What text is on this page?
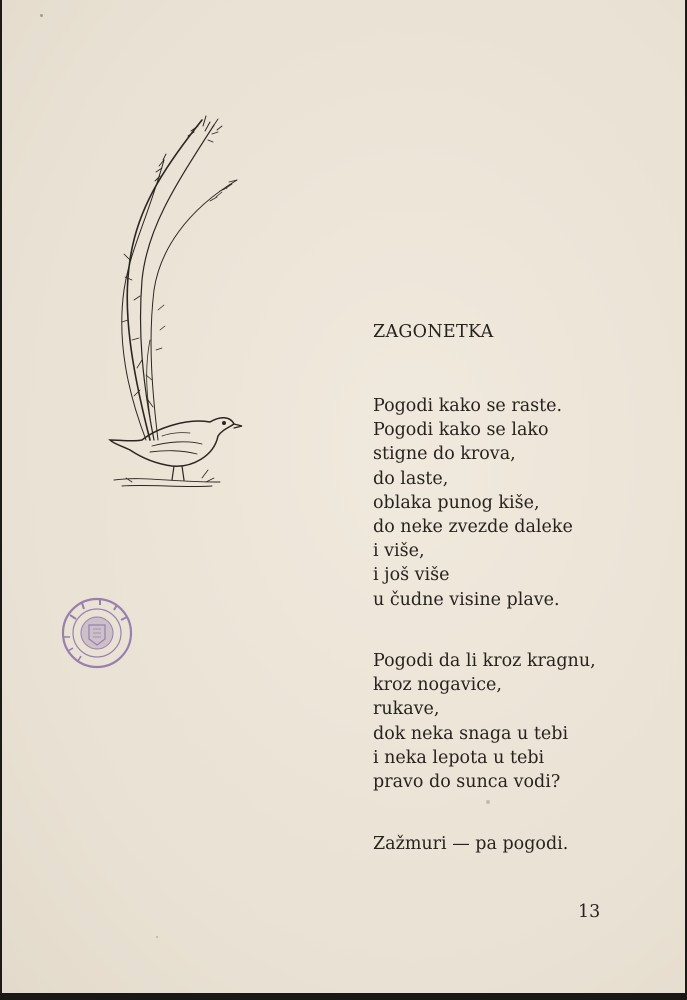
ZAGONETKA
Pogodi kako se raste.
Pogodi kako se lako
stigne do krova,
do laste,
oblaka punog kiše,
do neke zvezde daleke
i više,
i još više
u čudne visine plave.
Pogodi da li kroz kragnu,
kroz nogavice,
rukave,
dok neka snaga u tebi
i neka lepota u tebi
pravo do sunca vodi?
Zažmuri — pa pogodi.
13
